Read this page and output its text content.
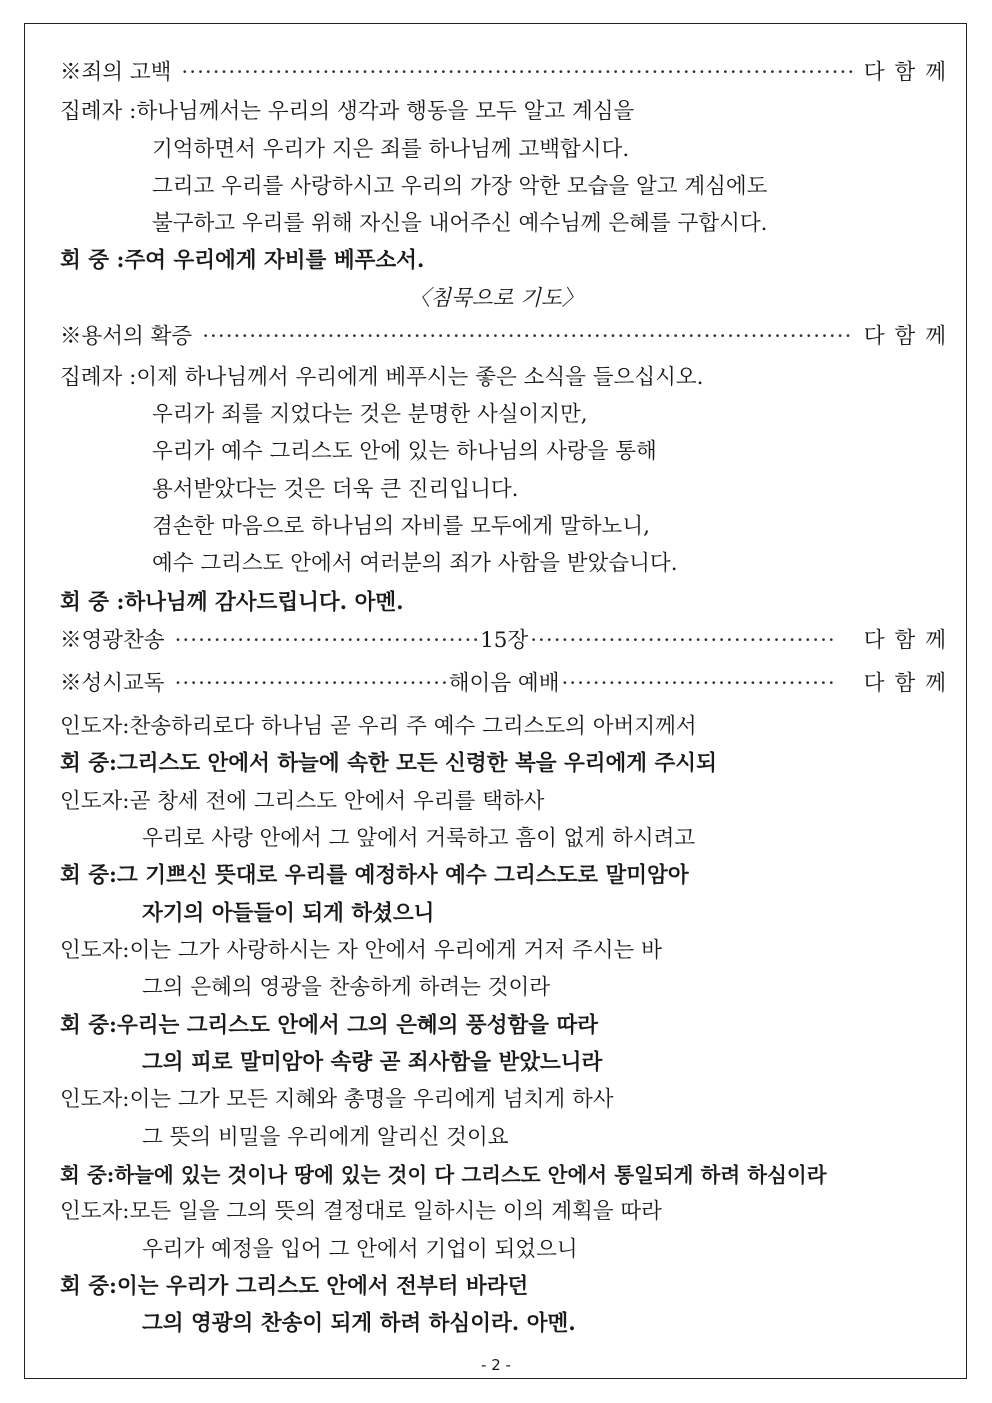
※죄의 고백 ·····	다함께
집례자 :하나님께서는 우리의 생각과 행동을 모두 알고 계심을
기억하면서 우리가 지은 죄를 하나님께 고백합시다.
그리고 우리를 사랑하시고 우리의 가장 악한 모습을 알고 계심에도
불구하고 우리를 위해 자신을 내어주신 예수님께 은혜를 구합시다.
회 중 :주여 우리에게 자비를 베푸소서.
〈침묵으로 기도〉
※용서의 확증 ·····	다함께
집례자 :이제 하나님께서 우리에게 베푸시는 좋은 소식을 들으십시오.
우리가 죄를 지었다는 것은 분명한 사실이지만,
우리가 예수 그리스도 안에 있는 하나님의 사랑을 통해
용서받았다는 것은 더욱 큰 진리입니다.
겸손한 마음으로 하나님의 자비를 모두에게 말하노니,
예수 그리스도 안에서 여러분의 죄가 사함을 받았습니다.
회 중 :하나님께 감사드립니다. 아멘.
※영광찬송 ·····	15장 ·····	다함께
※성시교독 ·····	해이음 예배 ·····	다함께
인도자:찬송하리로다 하나님 곧 우리 주 예수 그리스도의 아버지께서
회 중:그리스도 안에서 하늘에 속한 모든 신령한 복을 우리에게 주시되
인도자:곧 창세 전에 그리스도 안에서 우리를 택하사
우리로 사랑 안에서 그 앞에서 거룩하고 흠이 없게 하시려고
회 중:그 기쁘신 뜻대로 우리를 예정하사 예수 그리스도로 말미암아
자기의 아들들이 되게 하셨으니
인도자:이는 그가 사랑하시는 자 안에서 우리에게 거저 주시는 바
그의 은혜의 영광을 찬송하게 하려는 것이라
회 중:우리는 그리스도 안에서 그의 은혜의 풍성함을 따라
그의 피로 말미암아 속량 곧 죄사함을 받았느니라
인도자:이는 그가 모든 지혜와 총명을 우리에게 넘치게 하사
그 뜻의 비밀을 우리에게 알리신 것이요
회 중:하늘에 있는 것이나 땅에 있는 것이 다 그리스도 안에서 통일되게 하려 하심이라
인도자:모든 일을 그의 뜻의 결정대로 일하시는 이의 계획을 따라
우리가 예정을 입어 그 안에서 기업이 되었으니
회 중:이는 우리가 그리스도 안에서 전부터 바라던
그의 영광의 찬송이 되게 하려 하심이라. 아멘.
- 2 -
